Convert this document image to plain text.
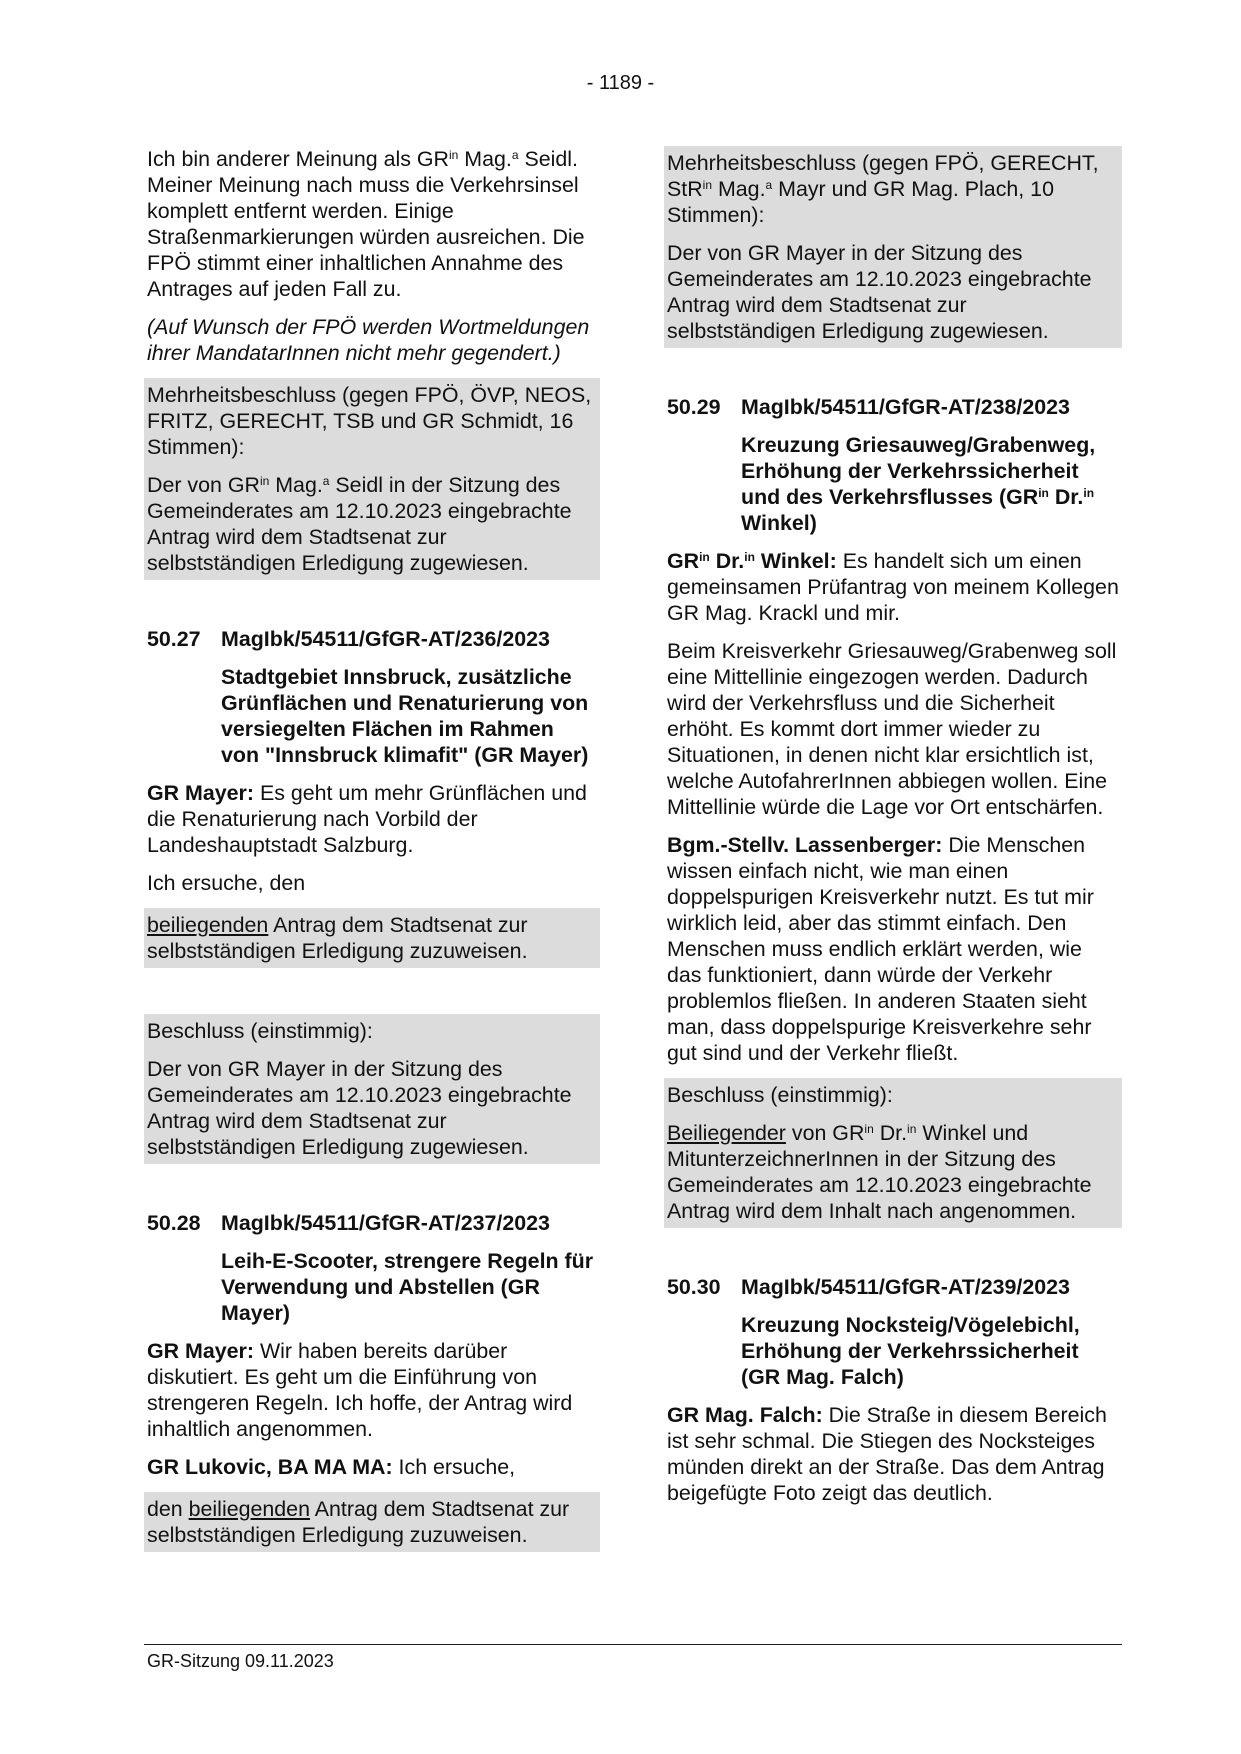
- 1189 -

Ich bin anderer Meinung als $GR^{in}$ Mag.$^a$ Seidl. Meiner Meinung nach muss die Verkehrsinsel komplett entfernt werden. Einige Straßenmarkierungen würden ausreichen. Die FPÖ stimmt einer inhaltlichen Annahme des Antrages auf jeden Fall zu.

(Auf Wunsch der FPÖ werden Wortmeldungen ihrer MandatarInnen nicht mehr gegendert.)

Mehrheitsbeschluss (gegen FPÖ, ÖVP, NEOS, FRITZ, GERECHT, TSB und GR Schmidt, 16 Stimmen):

Der von $GR^{in}$ Mag.$^a$ Seidl in der Sitzung des Gemeinderates am 12.10.2023 eingebrachte Antrag wird dem Stadtsenat zur selbstständigen Erledigung zugewiesen.

50.27 MagIbk/54511/GfGR-AT/236/2023
Stadtgebiet Innsbruck, zusätzliche Grünflächen und Renaturierung von versiegelten Flächen im Rahmen von "Innsbruck klimafit" (GR Mayer)

GR Mayer: Es geht um mehr Grünflächen und die Renaturierung nach Vorbild der Landeshauptstadt Salzburg.

Ich ersuche, den

beiliegenden Antrag dem Stadtsenat zur selbstständigen Erledigung zuzuweisen.

Beschluss (einstimmig):

Der von GR Mayer in der Sitzung des Gemeinderates am 12.10.2023 eingebrachte Antrag wird dem Stadtsenat zur selbstständigen Erledigung zugewiesen.

50.28 MagIbk/54511/GfGR-AT/237/2023
Leih-E-Scooter, strengere Regeln für Verwendung und Abstellen (GR Mayer)

GR Mayer: Wir haben bereits darüber diskutiert. Es geht um die Einführung von strengeren Regeln. Ich hoffe, der Antrag wird inhaltlich angenommen.

GR Lukovic, BA MA MA: Ich ersuche,

den beiliegenden Antrag dem Stadtsenat zur selbstständigen Erledigung zuzuweisen.

Mehrheitsbeschluss (gegen FPÖ, GERECHT, StR$^{in}$ Mag.$^a$ Mayr und GR Mag. Plach, 10 Stimmen):

Der von GR Mayer in der Sitzung des Gemeinderates am 12.10.2023 eingebrachte Antrag wird dem Stadtsenat zur selbstständigen Erledigung zugewiesen.

50.29 MagIbk/54511/GfGR-AT/238/2023
Kreuzung Griesauweg/Grabenweg, Erhöhung der Verkehrssicherheit und des Verkehrsflusses ($GR^{in}$ Dr.$^{in}$ Winkel)

$GR^{in}$ Dr.$^{in}$ Winkel: Es handelt sich um einen gemeinsamen Prüfantrag von meinem Kollegen GR Mag. Krackl und mir.

Beim Kreisverkehr Griesauweg/Grabenweg soll eine Mittellinie eingezogen werden. Dadurch wird der Verkehrsfluss und die Sicherheit erhöht. Es kommt dort immer wieder zu Situationen, in denen nicht klar ersichtlich ist, welche AutofahrerInnen abbiegen wollen. Eine Mittellinie würde die Lage vor Ort entschärfen.

Bgm.-Stellv. Lassenberger: Die Menschen wissen einfach nicht, wie man einen doppelspurigen Kreisverkehr nutzt. Es tut mir wirklich leid, aber das stimmt einfach. Den Menschen muss endlich erklärt werden, wie das funktioniert, dann würde der Verkehr problemlos fließen. In anderen Staaten sieht man, dass doppelspurige Kreisverkehre sehr gut sind und der Verkehr fließt.

Beschluss (einstimmig):

Beiliegender von $GR^{in}$ Dr.$^{in}$ Winkel und MitunterzeichnerInnen in der Sitzung des Gemeinderates am 12.10.2023 eingebrachte Antrag wird dem Inhalt nach angenommen.

50.30 MagIbk/54511/GfGR-AT/239/2023
Kreuzung Nocksteig/Vögelebichl, Erhöhung der Verkehrssicherheit (GR Mag. Falch)

GR Mag. Falch: Die Straße in diesem Bereich ist sehr schmal. Die Stiegen des Nocksteiges münden direkt an der Straße. Das dem Antrag beigefügte Foto zeigt das deutlich.

GR-Sitzung 09.11.2023
